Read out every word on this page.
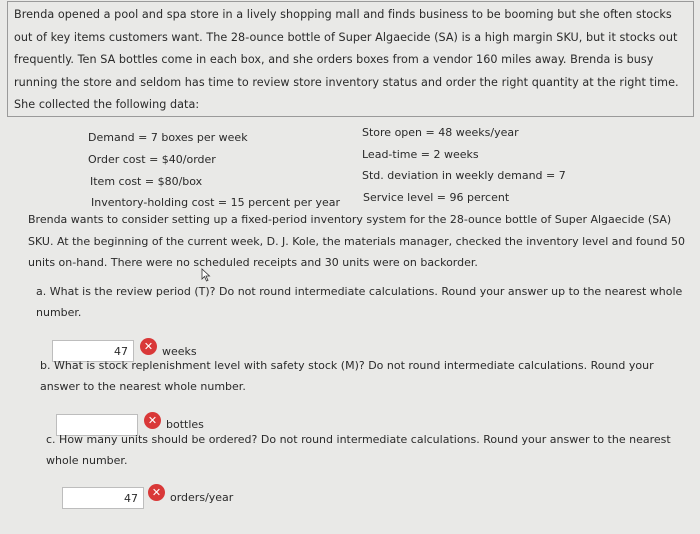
Brenda opened a pool and spa store in a lively shopping mall and finds business to be booming but she often stocks out of key items customers want. The 28-ounce bottle of Super Algaecide (SA) is a high margin SKU, but it stocks out frequently. Ten SA bottles come in each box, and she orders boxes from a vendor 160 miles away. Brenda is busy running the store and seldom has time to review store inventory status and order the right quantity at the right time. She collected the following data:
Demand = 7 boxes per week
Order cost = $40/order
Item cost = $80/box
Inventory-holding cost = 15 percent per year
Store open = 48 weeks/year
Lead-time = 2 weeks
Std. deviation in weekly demand = 7
Service level = 96 percent
Brenda wants to consider setting up a fixed-period inventory system for the 28-ounce bottle of Super Algaecide (SA) SKU. At the beginning of the current week, D. J. Kole, the materials manager, checked the inventory level and found 50 units on-hand. There were no scheduled receipts and 30 units were on backorder.
a. What is the review period (T)? Do not round intermediate calculations. Round your answer up to the nearest whole number.
47	✕ weeks
b. What is stock replenishment level with safety stock (M)? Do not round intermediate calculations. Round your answer to the nearest whole number.
✕ bottles
c. How many units should be ordered? Do not round intermediate calculations. Round your answer to the nearest whole number.
47	✕ orders/year
